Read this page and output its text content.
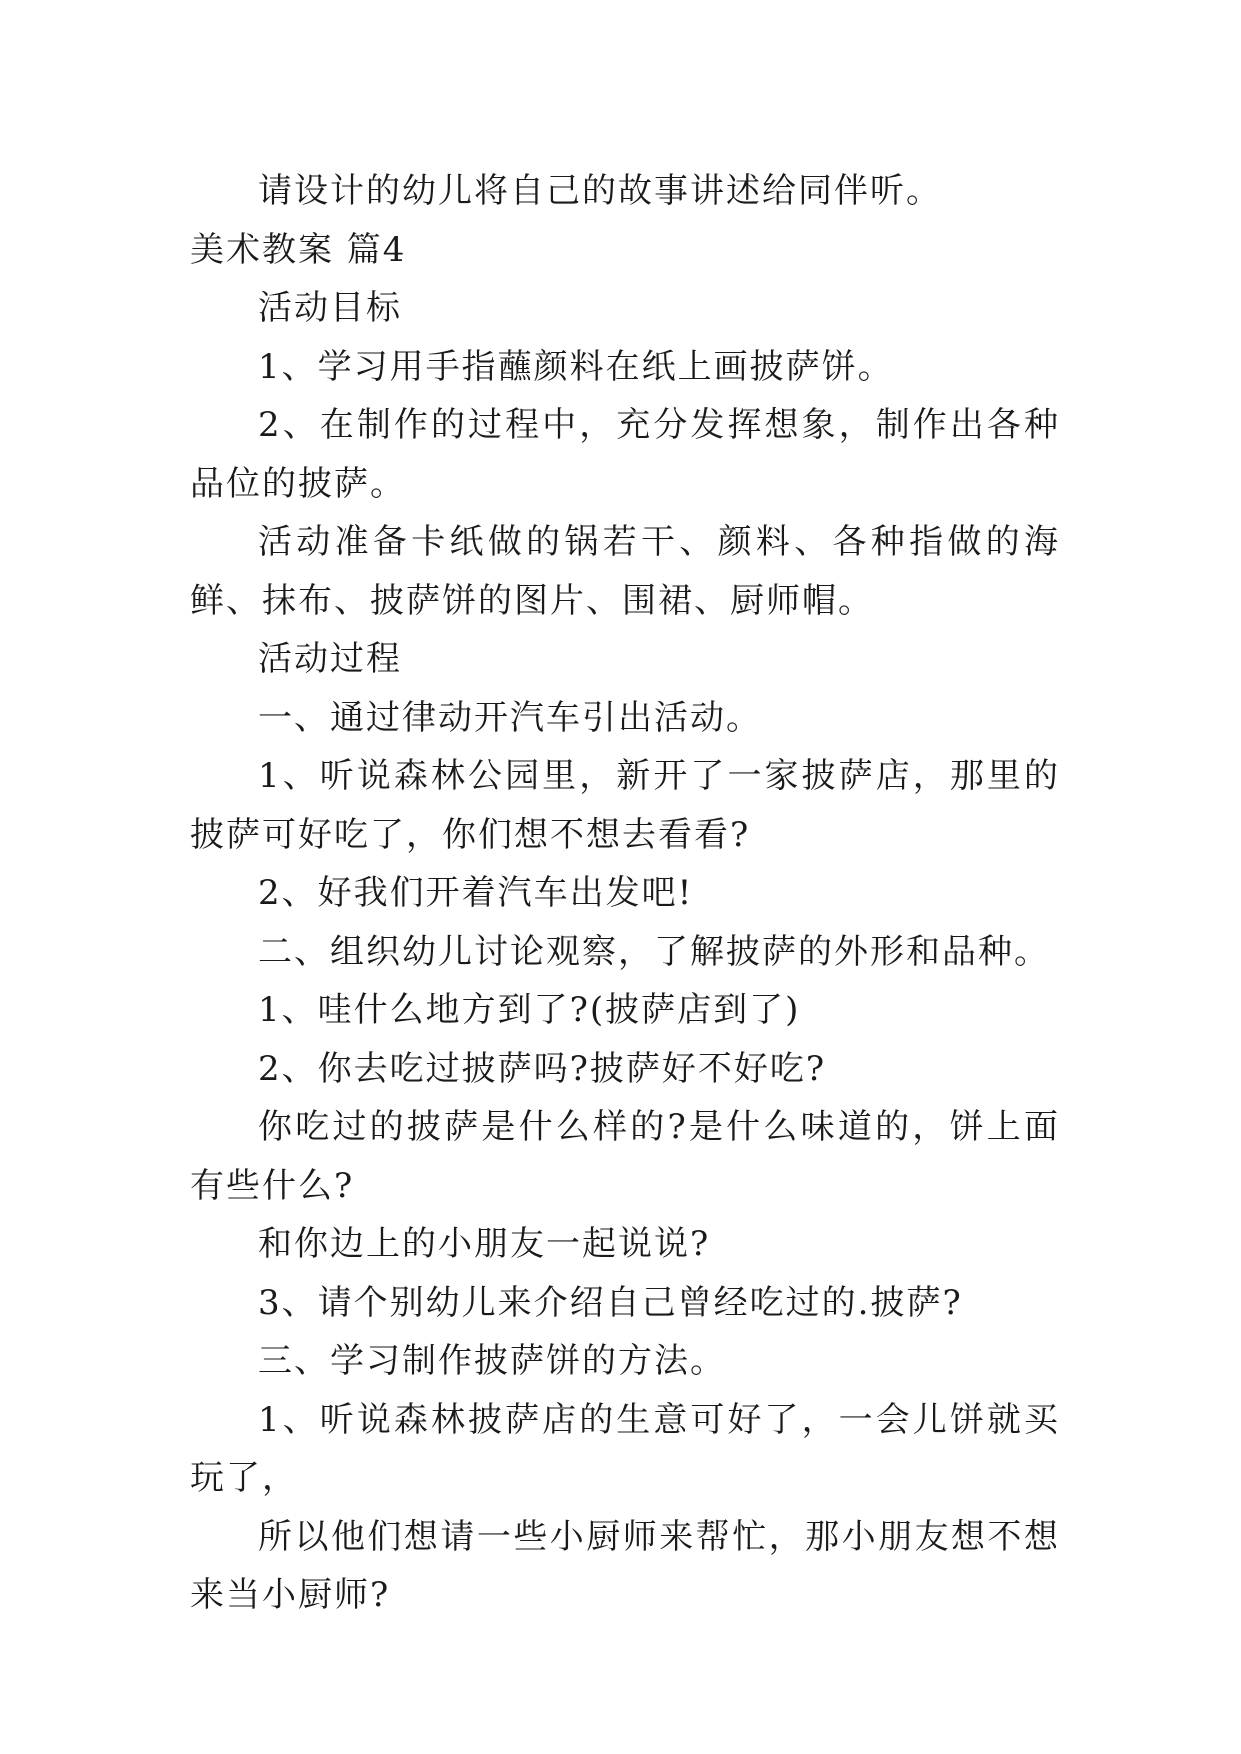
请设计的幼儿将自己的故事讲述给同伴听。

美术教案 篇4

活动目标

1、学习用手指蘸颜料在纸上画披萨饼。

2、在制作的过程中，充分发挥想象，制作出各种品位的披萨。

活动准备卡纸做的锅若干、颜料、各种指做的海鲜、抹布、披萨饼的图片、围裙、厨师帽。

活动过程

一、通过律动开汽车引出活动。

1、听说森林公园里，新开了一家披萨店，那里的披萨可好吃了，你们想不想去看看?

2、好我们开着汽车出发吧!

二、组织幼儿讨论观察，了解披萨的外形和品种。

1、哇什么地方到了?(披萨店到了)

2、你去吃过披萨吗?披萨好不好吃?

你吃过的披萨是什么样的?是什么味道的，饼上面有些什么?

和你边上的小朋友一起说说?

3、请个别幼儿来介绍自己曾经吃过的.披萨?

三、学习制作披萨饼的方法。

1、听说森林披萨店的生意可好了，一会儿饼就买玩了，

所以他们想请一些小厨师来帮忙，那小朋友想不想来当小厨师?
